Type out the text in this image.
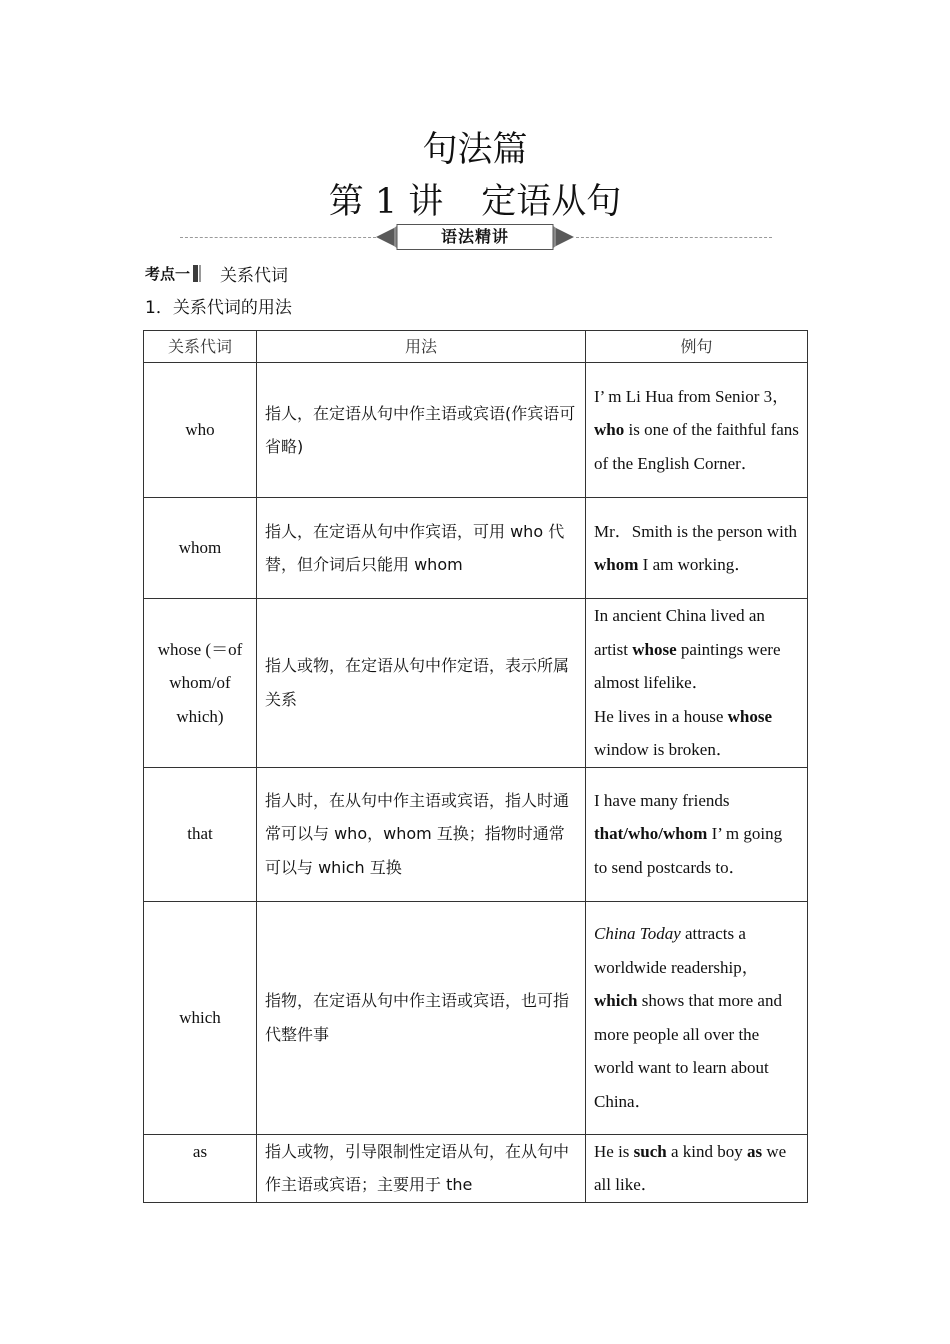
句法篇
第 1 讲 定语从句
语法精讲
考点一 关系代词
1．关系代词的用法
关系代词	用法	例句
who	指人，在定语从句中作主语或宾语(作宾语可省略)	I’ m Li Hua from Senior 3，who is one of the faithful fans of the English Corner．
whom	指人，在定语从句中作宾语，可用 who 代替，但介词后只能用 whom	Mr．Smith is the person with whom I am working．
whose (＝of whom/of which)	指人或物，在定语从句中作定语，表示所属关系	In ancient China lived an artist whose paintings were almost lifelike．
He lives in a house whose window is broken．
that	指人时，在从句中作主语或宾语，指人时通常可以与 who，whom 互换；指物时通常可以与 which 互换	I have many friends that/who/whom I’ m going to send postcards to．
which	指物，在定语从句中作主语或宾语，也可指代整件事	China Today attracts a worldwide readership，which shows that more and more people all over the world want to learn about China．
as	指人或物，引导限制性定语从句，在从句中作主语或宾语；主要用于 the	He is such a kind boy as we all like．
